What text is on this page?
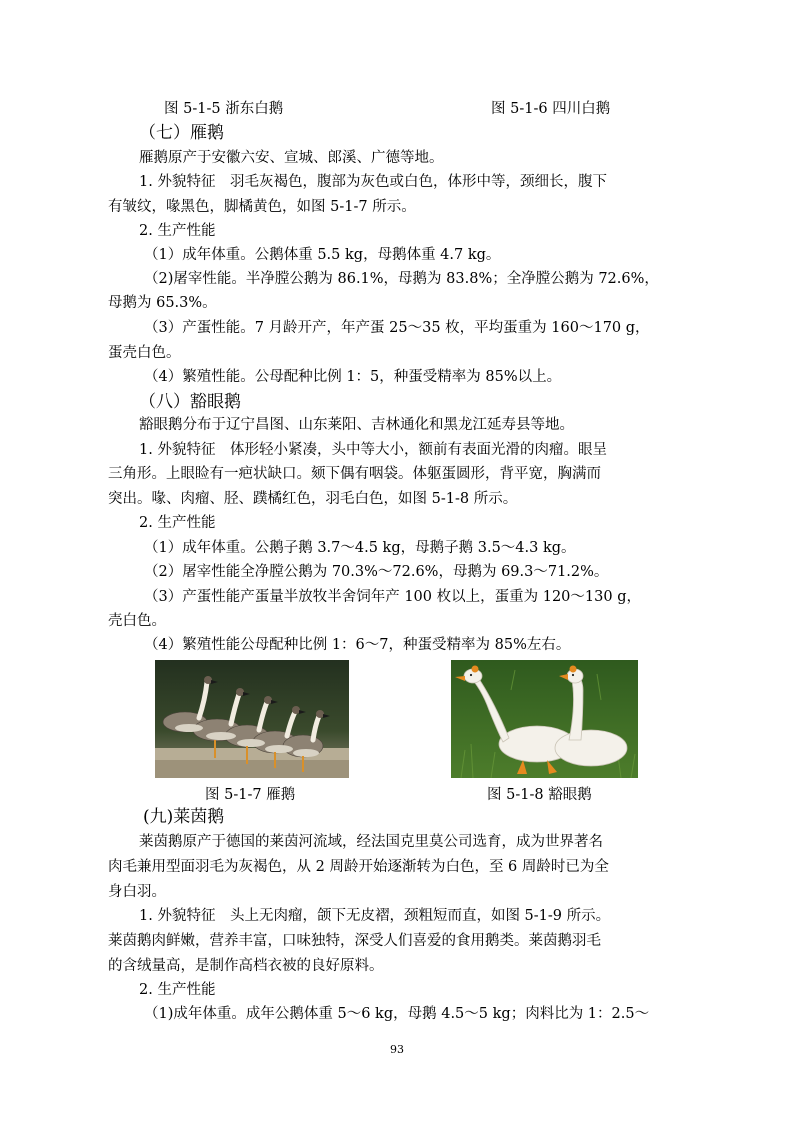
图 5-1-5 浙东白鹅	图 5-1-6 四川白鹅
（七）雁鹅
雁鹅原产于安徽六安、宣城、郎溪、广德等地。
1. 外貌特征　羽毛灰褐色，腹部为灰色或白色，体形中等，颈细长，腹下
有皱纹，喙黑色，脚橘黄色，如图 5-1-7 所示。
2. 生产性能
（1）成年体重。公鹅体重 5.5 kg，母鹅体重 4.7 kg。
（2)屠宰性能。半净膛公鹅为 86.1%，母鹅为 83.8%；全净膛公鹅为 72.6%，
母鹅为 65.3%。
（3）产蛋性能。7 月龄开产，年产蛋 25～35 枚，平均蛋重为 160～170 g，
蛋壳白色。
（4）繁殖性能。公母配种比例 1：5，种蛋受精率为 85%以上。
（八）豁眼鹅
豁眼鹅分布于辽宁昌图、山东莱阳、吉林通化和黑龙江延寿县等地。
1. 外貌特征　体形轻小紧凑，头中等大小，额前有表面光滑的肉瘤。眼呈
三角形。上眼睑有一疤状缺口。颏下偶有咽袋。体躯蛋圆形，背平宽，胸满而
突出。喙、肉瘤、胫、蹼橘红色，羽毛白色，如图 5-1-8 所示。
2. 生产性能
（1）成年体重。公鹅子鹅 3.7～4.5 kg，母鹅子鹅 3.5～4.3 kg。
（2）屠宰性能全净膛公鹅为 70.3%～72.6%，母鹅为 69.3～71.2%。
（3）产蛋性能产蛋量半放牧半舍饲年产 100 枚以上，蛋重为 120～130 g，
壳白色。
（4）繁殖性能公母配种比例 1：6～7，种蛋受精率为 85%左右。
图 5-1-7 雁鹅	图 5-1-8 豁眼鹅
(九)莱茵鹅
莱茵鹅原产于德国的莱茵河流域，经法国克里莫公司选育，成为世界著名
肉毛兼用型面羽毛为灰褐色，从 2 周龄开始逐渐转为白色，至 6 周龄时已为全
身白羽。
1. 外貌特征　头上无肉瘤，颌下无皮褶，颈粗短而直，如图 5-1-9 所示。
莱茵鹅肉鲜嫩，营养丰富，口味独特，深受人们喜爱的食用鹅类。莱茵鹅羽毛
的含绒量高，是制作高档衣被的良好原料。
2. 生产性能
（1)成年体重。成年公鹅体重 5～6 kg，母鹅 4.5～5 kg；肉料比为 1：2.5～
93
